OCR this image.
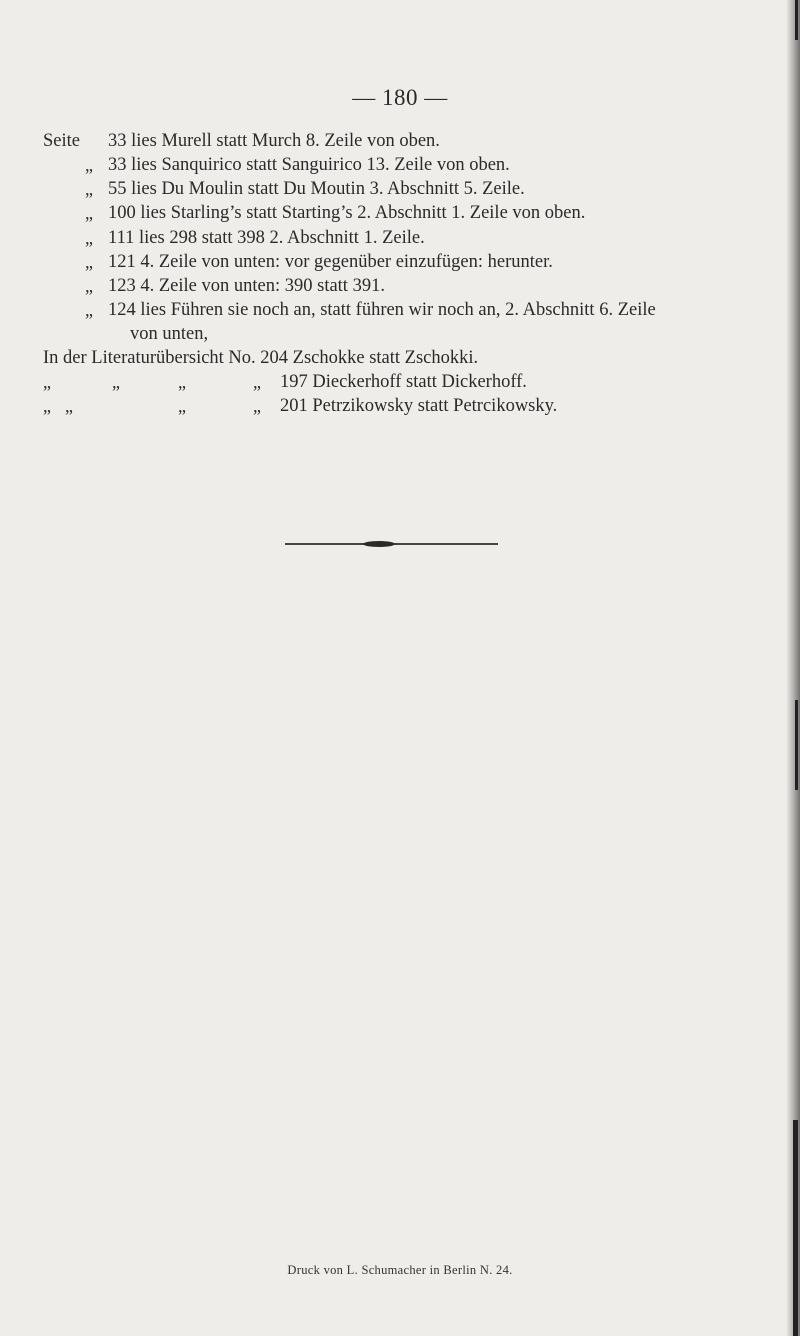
— 180 —
Seite 33 lies Murell statt Murch 8. Zeile von oben.
„ 33 lies Sanquirico statt Sanguirico 13. Zeile von oben.
„ 55 lies Du Moulin statt Du Moutin 3. Abschnitt 5. Zeile.
„ 100 lies Starling’s statt Starting’s 2. Abschnitt 1. Zeile von oben.
„ 111 lies 298 statt 398 2. Abschnitt 1. Zeile.
„ 121 4. Zeile von unten: vor gegenüber einzufügen: herunter.
„ 123 4. Zeile von unten: 390 statt 391.
„ 124 lies Führen sie noch an, statt führen wir noch an, 2. Abschnitt 6. Zeile
von unten,
In der Literaturübersicht No. 204 Zschokke statt Zschokki.
„	„	„	„ 197 Dieckerhoff statt Dickerhoff.
„ „	„	„ 201 Petrzikowsky statt Petrcikowsky.
Druck von L. Schumacher in Berlin N. 24.
